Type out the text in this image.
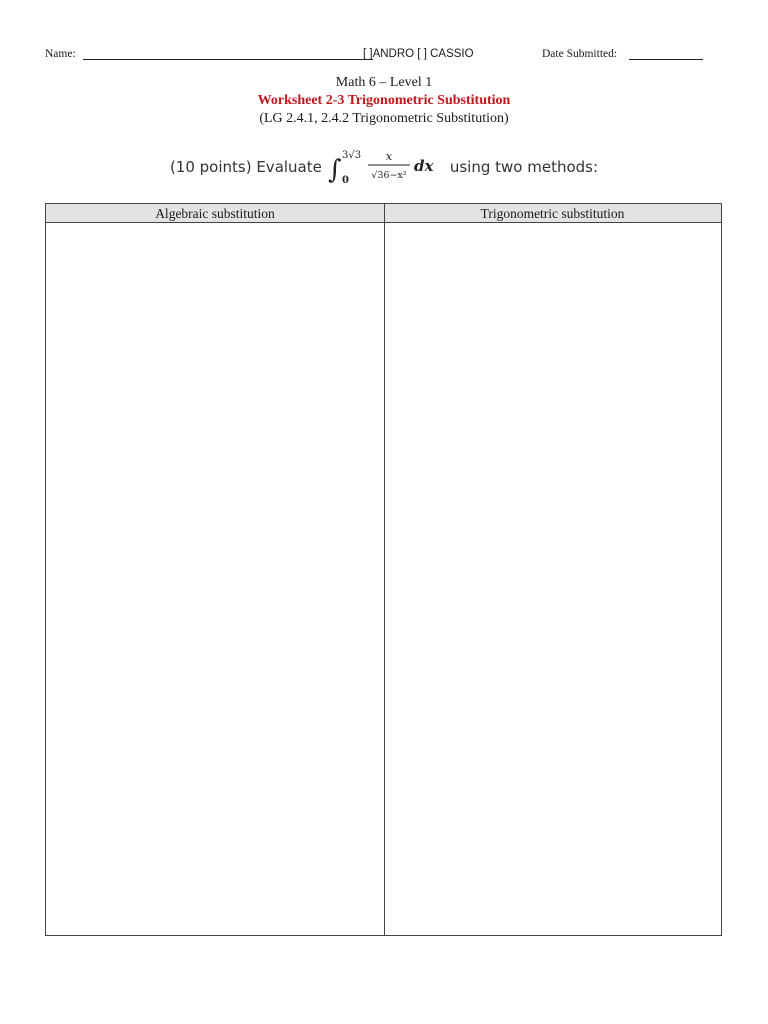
Name:	[ ]ANDRO [ ] CASSIO	Date Submitted:
Math 6 – Level 1
Worksheet 2-3 Trigonometric Substitution
(LG 2.4.1, 2.4.2 Trigonometric Substitution)
(10 points) Evaluate ∫ 3√3
0
x
√36−x²
dx using two methods:
Algebraic substitution	Trigonometric substitution
